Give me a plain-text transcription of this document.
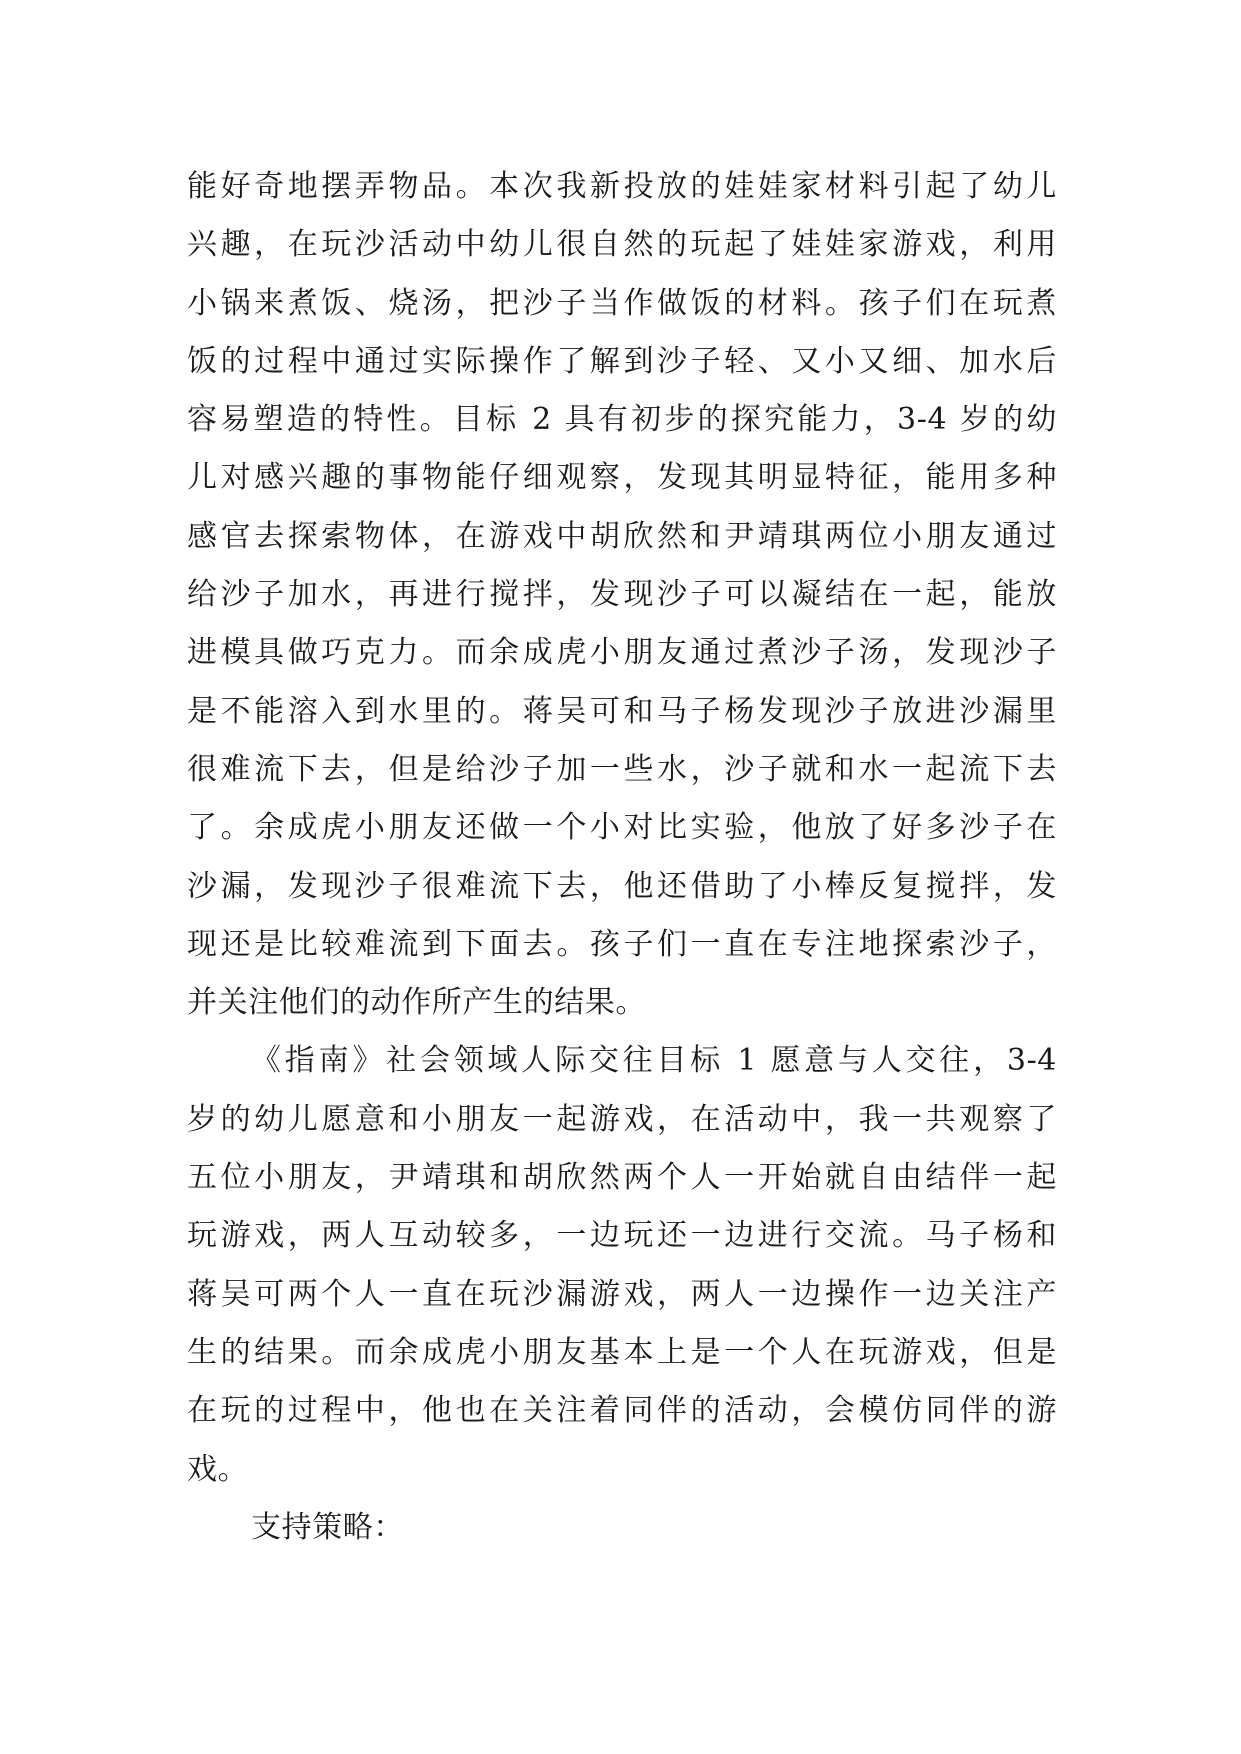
能好奇地摆弄物品。本次我新投放的娃娃家材料引起了幼儿
兴趣，在玩沙活动中幼儿很自然的玩起了娃娃家游戏，利用
小锅来煮饭、烧汤，把沙子当作做饭的材料。孩子们在玩煮
饭的过程中通过实际操作了解到沙子轻、又小又细、加水后
容易塑造的特性。目标 2 具有初步的探究能力，3-4 岁的幼
儿对感兴趣的事物能仔细观察，发现其明显特征，能用多种
感官去探索物体，在游戏中胡欣然和尹靖琪两位小朋友通过
给沙子加水，再进行搅拌，发现沙子可以凝结在一起，能放
进模具做巧克力。而余成虎小朋友通过煮沙子汤，发现沙子
是不能溶入到水里的。蒋吴可和马子杨发现沙子放进沙漏里
很难流下去，但是给沙子加一些水，沙子就和水一起流下去
了。余成虎小朋友还做一个小对比实验，他放了好多沙子在
沙漏，发现沙子很难流下去，他还借助了小棒反复搅拌，发
现还是比较难流到下面去。孩子们一直在专注地探索沙子，
并关注他们的动作所产生的结果。
《指南》社会领域人际交往目标 1 愿意与人交往，3-4
岁的幼儿愿意和小朋友一起游戏，在活动中，我一共观察了
五位小朋友，尹靖琪和胡欣然两个人一开始就自由结伴一起
玩游戏，两人互动较多，一边玩还一边进行交流。马子杨和
蒋吴可两个人一直在玩沙漏游戏，两人一边操作一边关注产
生的结果。而余成虎小朋友基本上是一个人在玩游戏，但是
在玩的过程中，他也在关注着同伴的活动，会模仿同伴的游
戏。
支持策略：
